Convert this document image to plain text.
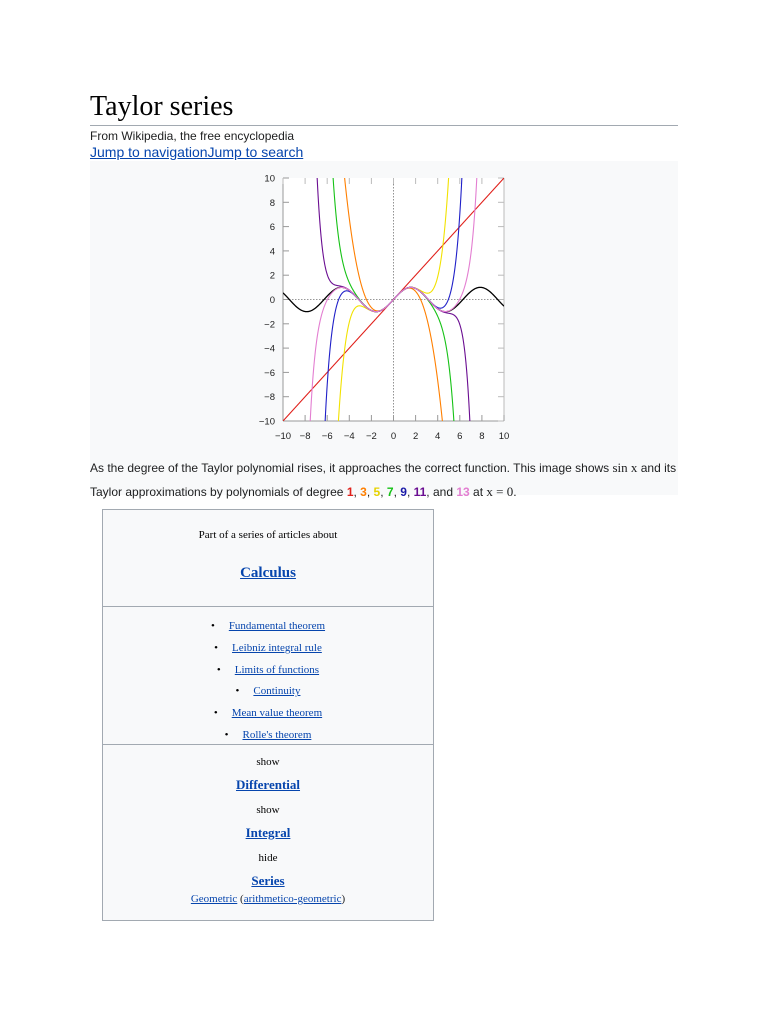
Taylor series
From Wikipedia, the free encyclopedia
Jump to navigationJump to search
−10
−8
−6
−4
−2
0
2
4
6
8
10
−10 −8 −6 −4 −2 0 2 4 6 8 10
As the degree of the Taylor polynomial rises, it approaches the correct function. This image shows sin x and its Taylor approximations by polynomials of degree 1, 3, 5, 7, 9, 11, and 13 at x = 0.
Part of a series of articles about
Calculus
• Fundamental theorem
• Leibniz integral rule
• Limits of functions
• Continuity
• Mean value theorem
• Rolle's theorem
show
Differential
show
Integral
hide
Series
Geometric (arithmetico-geometric)
